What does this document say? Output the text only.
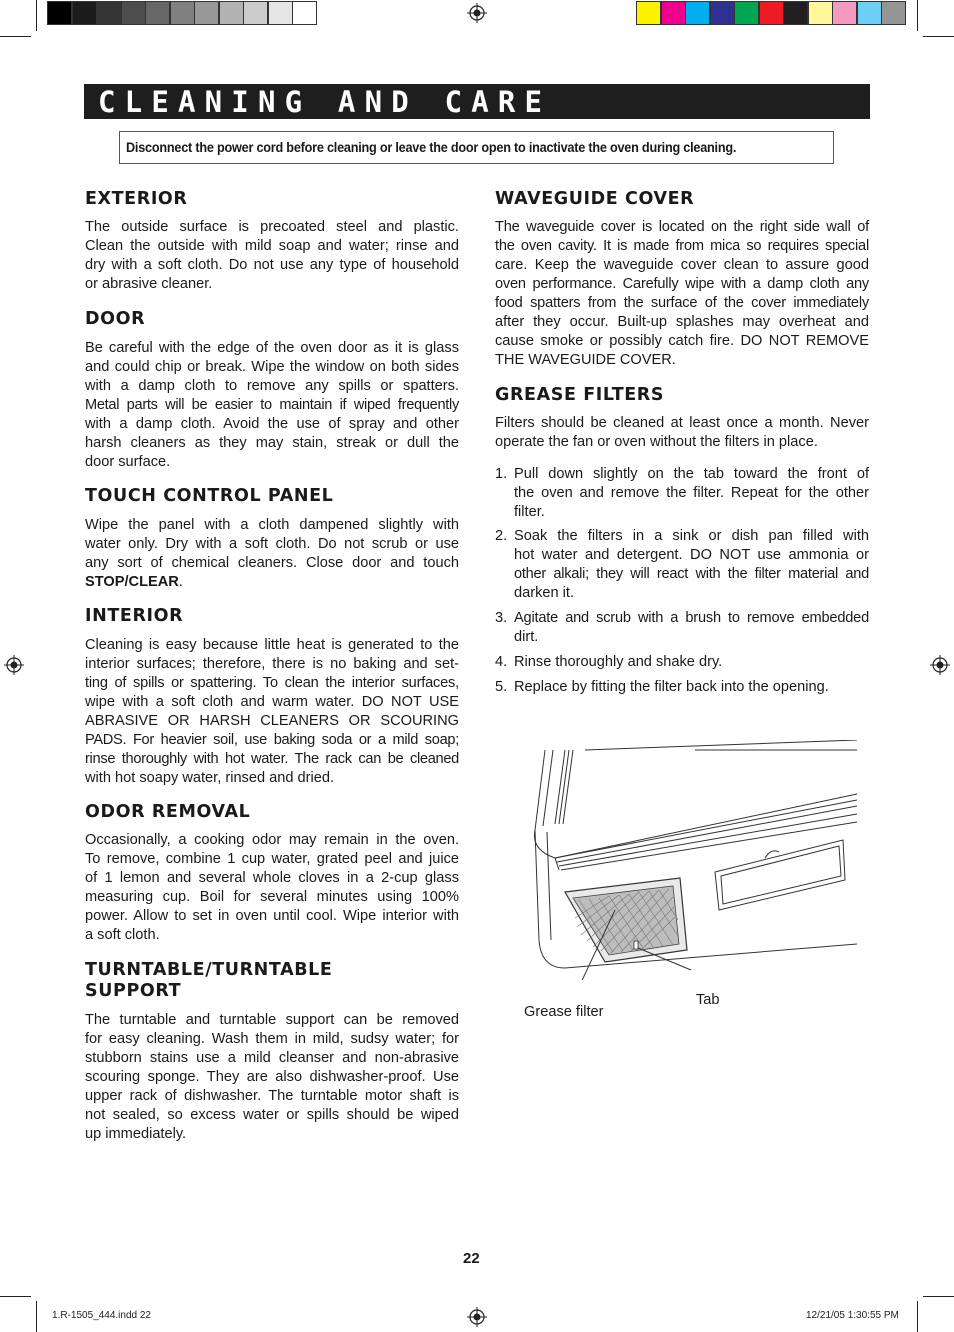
CLEANING AND CARE
Disconnect the power cord before cleaning or leave the door open to inactivate the oven during cleaning.
EXTERIOR
The outside surface is precoated steel and plastic.
Clean the outside with mild soap and water; rinse and
dry with a soft cloth. Do not use any type of household
or abrasive cleaner.
DOOR
Be careful with the edge of the oven door as it is glass
and could chip or break. Wipe the window on both sides
with a damp cloth to remove any spills or spatters.
Metal parts will be easier to maintain if wiped frequently
with a damp cloth. Avoid the use of spray and other
harsh cleaners as they may stain, streak or dull the
door surface.
TOUCH CONTROL PANEL
Wipe the panel with a cloth dampened slightly with
water only. Dry with a soft cloth. Do not scrub or use
any sort of chemical cleaners. Close door and touch
STOP/CLEAR.
INTERIOR
Cleaning is easy because little heat is generated to the
interior surfaces; therefore, there is no baking and set-
ting of spills or spattering. To clean the interior surfaces,
wipe with a soft cloth and warm water. DO NOT USE
ABRASIVE OR HARSH CLEANERS OR SCOURING
PADS. For heavier soil, use baking soda or a mild soap;
rinse thoroughly with hot water. The rack can be cleaned
with hot soapy water, rinsed and dried.
ODOR REMOVAL
Occasionally, a cooking odor may remain in the oven.
To remove, combine 1 cup water, grated peel and juice
of 1 lemon and several whole cloves in a 2-cup glass
measuring cup. Boil for several minutes using 100%
power. Allow to set in oven until cool. Wipe interior with
a soft cloth.
TURNTABLE/TURNTABLE
SUPPORT
The turntable and turntable support can be removed
for easy cleaning. Wash them in mild, sudsy water; for
stubborn stains use a mild cleanser and non-abrasive
scouring sponge. They are also dishwasher-proof. Use
upper rack of dishwasher. The turntable motor shaft is
not sealed, so excess water or spills should be wiped
up immediately.
WAVEGUIDE COVER
The waveguide cover is located on the right side wall of
the oven cavity. It is made from mica so requires special
care. Keep the waveguide cover clean to assure good
oven performance. Carefully wipe with a damp cloth any
food spatters from the surface of the cover immediately
after they occur. Built-up splashes may overheat and
cause smoke or possibly catch fire. DO NOT REMOVE
THE WAVEGUIDE COVER.
GREASE FILTERS
Filters should be cleaned at least once a month. Never
operate the fan or oven without the filters in place.
1. Pull down slightly on the tab toward the front of
the oven and remove the filter. Repeat for the other
filter.
2. Soak the filters in a sink or dish pan filled with
hot water and detergent. DO NOT use ammonia or
other alkali; they will react with the filter material and
darken it.
3. Agitate and scrub with a brush to remove embedded
dirt.
4. Rinse thoroughly and shake dry.
5. Replace by fitting the filter back into the opening.
Grease filter
Tab
22
1.R-1505_444.indd 22	12/21/05 1:30:55 PM
